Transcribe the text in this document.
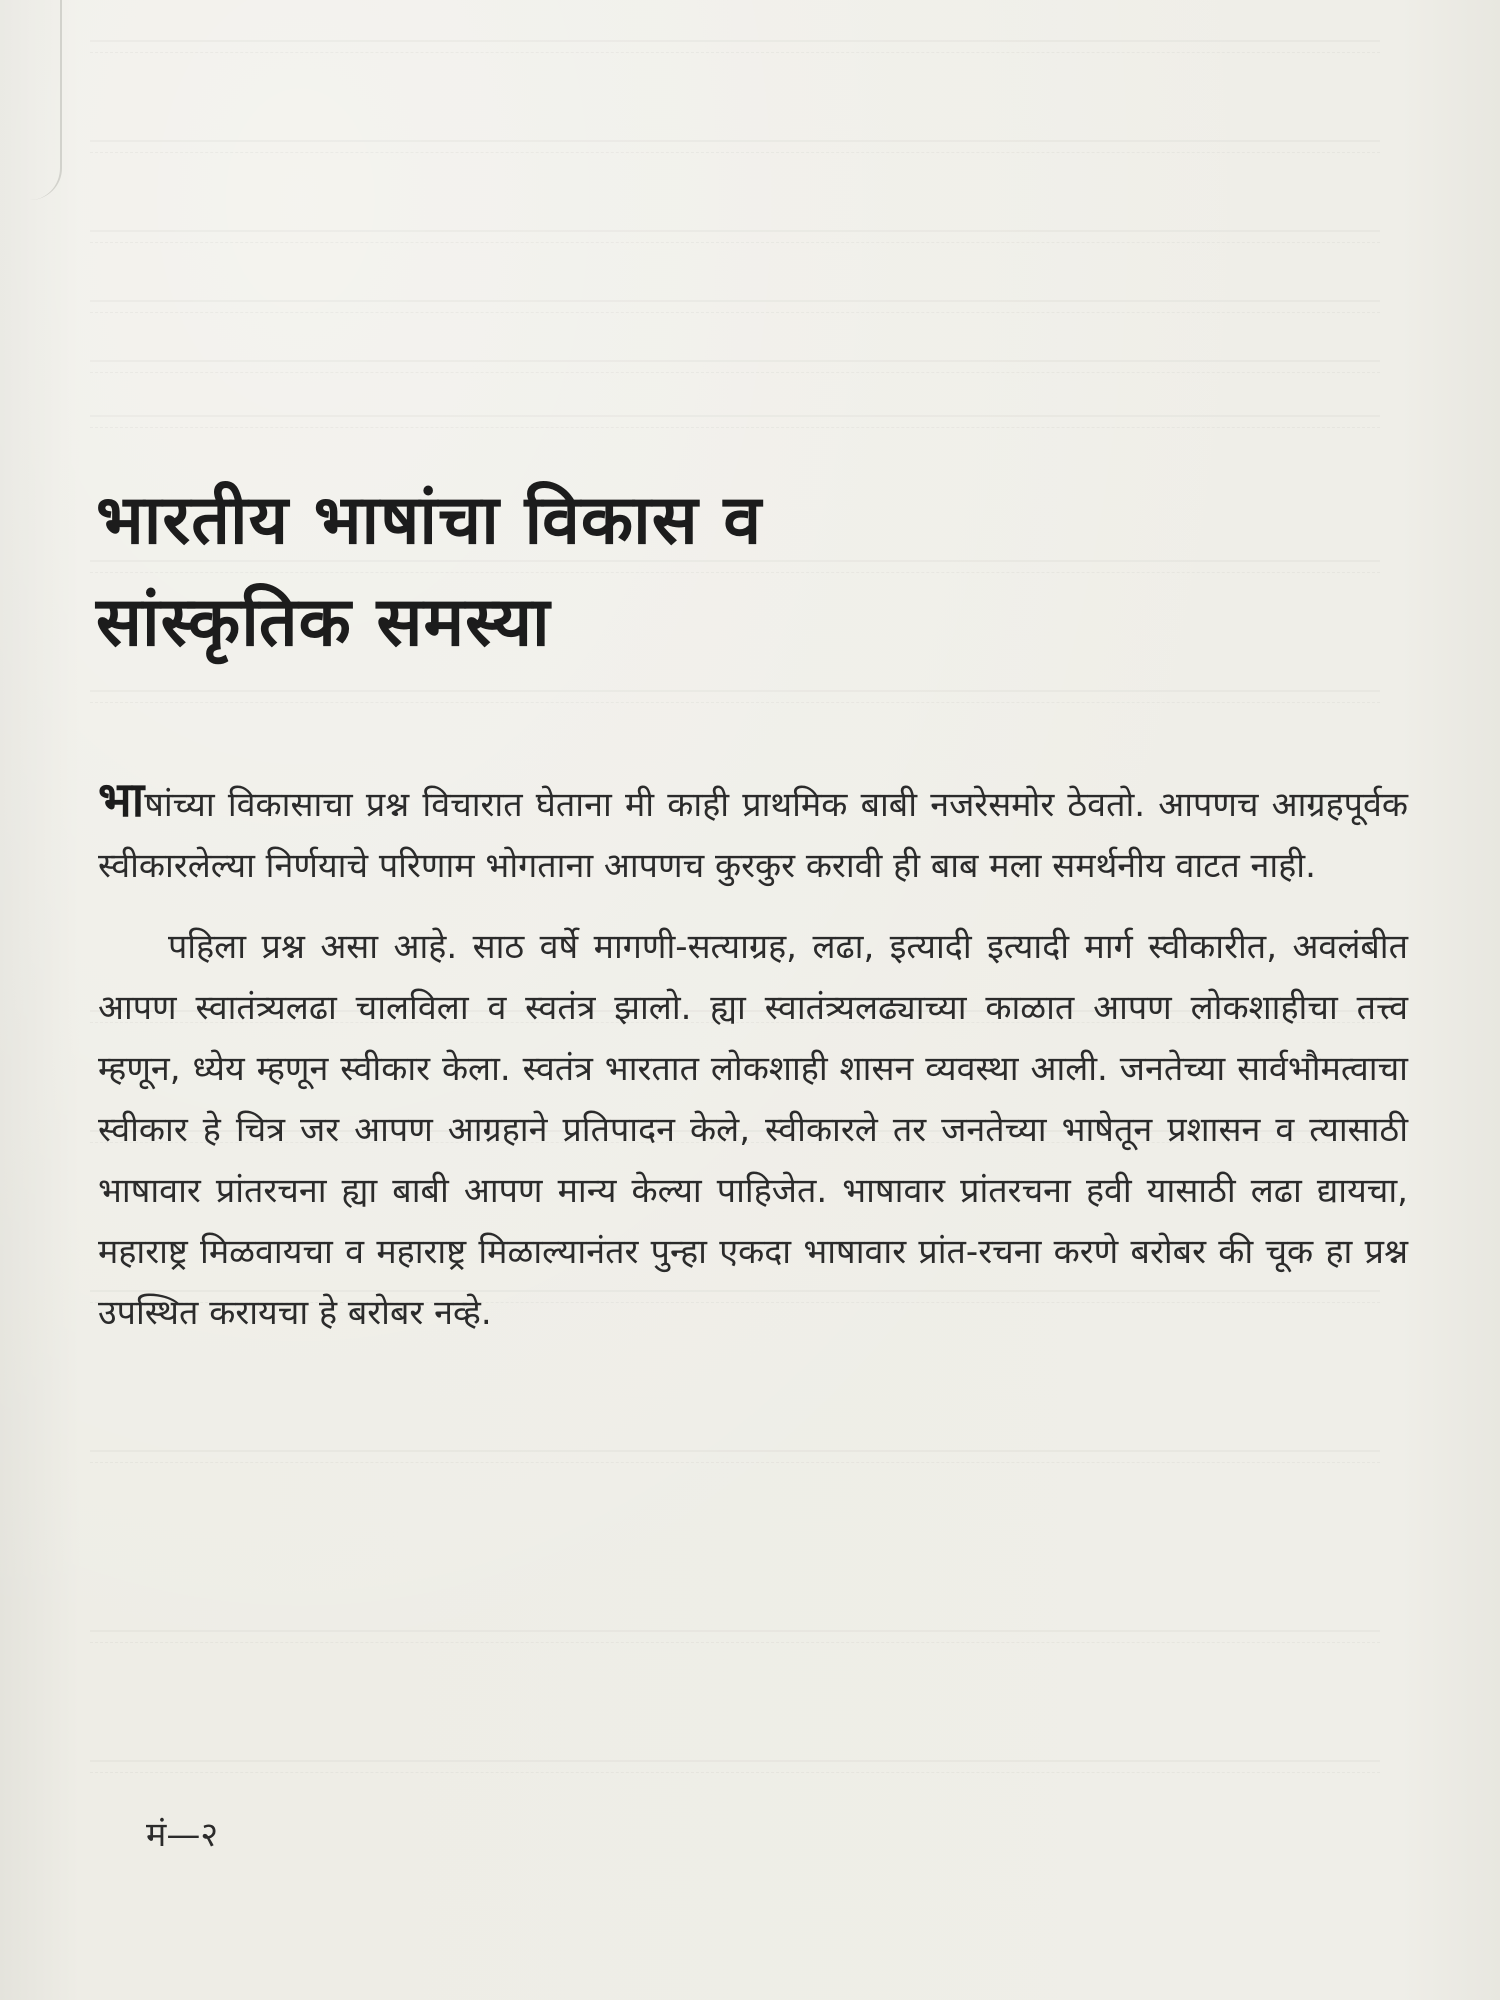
भारतीय भाषांचा विकास व
सांस्कृतिक समस्या

भाषांच्या विकासाचा प्रश्न विचारात घेताना मी काही प्राथमिक बाबी नजरेसमोर ठेवतो. आपणच आग्रहपूर्वक स्वीकारलेल्या निर्णयाचे परिणाम भोगताना आपणच कुरकुर करावी ही बाब मला समर्थनीय वाटत नाही.

पहिला प्रश्न असा आहे. साठ वर्षे मागणी-सत्याग्रह, लढा, इत्यादी इत्यादी मार्ग स्वीकारीत, अवलंबीत आपण स्वातंत्र्यलढा चालविला व स्वतंत्र झालो. ह्या स्वातंत्र्यलढ्याच्या काळात आपण लोकशाहीचा तत्त्व म्हणून, ध्येय म्हणून स्वीकार केला. स्वतंत्र भारतात लोकशाही शासन व्यवस्था आली. जनतेच्या सार्वभौमत्वाचा स्वीकार हे चित्र जर आपण आग्रहाने प्रतिपादन केले, स्वीकारले तर जनतेच्या भाषेतून प्रशासन व त्यासाठी भाषावार प्रांतरचना ह्या बाबी आपण मान्य केल्या पाहिजेत. भाषावार प्रांतरचना हवी यासाठी लढा द्यायचा, महाराष्ट्र मिळवायचा व महाराष्ट्र मिळाल्यानंतर पुन्हा एकदा भाषावार प्रांत-रचना करणे बरोबर की चूक हा प्रश्न उपस्थित करायचा हे बरोबर नव्हे.

मं—२
